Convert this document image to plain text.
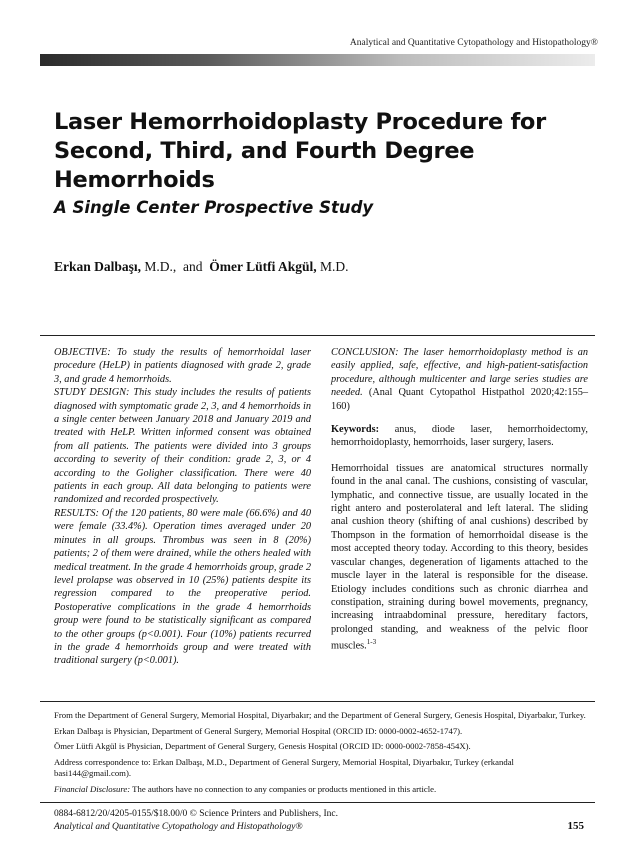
Analytical and Quantitative Cytopathology and Histopathology®
Laser Hemorrhoidoplasty Procedure for Second, Third, and Fourth Degree Hemorrhoids
A Single Center Prospective Study
Erkan Dalbaşı, M.D.,  and  Ömer Lütfi Akgül, M.D.

OBJECTIVE: To study the results of hemorrhoidal laser procedure (HeLP) in patients diagnosed with grade 2, grade 3, and grade 4 hemorrhoids.

STUDY DESIGN: This study includes the results of patients diagnosed with symptomatic grade 2, 3, and 4 hemorrhoids in a single center between January 2018 and January 2019 and treated with HeLP. Written informed consent was obtained from all patients. The patients were divided into 3 groups according to severity of their condition: grade 2, 3, or 4 according to the Goligher classification. There were 40 patients in each group. All data belonging to patients were randomized and recorded prospectively.

RESULTS: Of the 120 patients, 80 were male (66.6%) and 40 were female (33.4%). Operation times averaged under 20 minutes in all groups. Thrombus was seen in 8 (20%) patients; 2 of them were drained, while the others healed with medical treatment. In the grade 4 hemorrhoids group, grade 2 level prolapse was observed in 10 (25%) patients despite its regression compared to the preoperative period. Postoperative complications in the grade 4 hemorrhoids group were found to be statistically significant as compared to the other groups (p<0.001). Four (10%) patients recurred in the grade 4 hemorrhoids group and were treated with traditional surgery (p<0.001).

CONCLUSION: The laser hemorrhoidoplasty method is an easily applied, safe, effective, and high-patient-satisfaction procedure, although multicenter and large series studies are needed. (Anal Quant Cytopathol Histpathol 2020;42:155–160)

Keywords: anus, diode laser, hemorrhoidectomy, hemorrhoidoplasty, hemorrhoids, laser surgery, lasers.

Hemorrhoidal tissues are anatomical structures normally found in the anal canal. The cushions, consisting of vascular, lymphatic, and connective tissue, are usually located in the right antero and posterolateral and left lateral. The sliding anal cushion theory (shifting of anal cushions) described by Thompson in the formation of hemorrhoidal disease is the most accepted theory today. According to this theory, besides vascular changes, degeneration of ligaments attached to the muscle layer in the lateral is responsible for the disease. Etiology includes conditions such as chronic diarrhea and constipation, straining during bowel movements, pregnancy, increasing intraabdominal pressure, hereditary factors, prolonged standing, and weakness of the pelvic floor muscles.$^{1-3}$

From the Department of General Surgery, Memorial Hospital, Diyarbakır; and the Department of General Surgery, Genesis Hospital, Diyarbakır, Turkey.

Erkan Dalbaşı is Physician, Department of General Surgery, Memorial Hospital (ORCID ID: 0000-0002-4652-1747).

Ömer Lütfi Akgül is Physician, Department of General Surgery, Genesis Hospital (ORCID ID: 0000-0002-7858-454X).

Address correspondence to: Erkan Dalbaşı, M.D., Department of General Surgery, Memorial Hospital, Diyarbakır, Turkey (erkandal basi144@gmail.com).

Financial Disclosure: The authors have no connection to any companies or products mentioned in this article.

0884-6812/20/4205-0155/$18.00/0 © Science Printers and Publishers, Inc.
Analytical and Quantitative Cytopathology and Histopathology®	155
